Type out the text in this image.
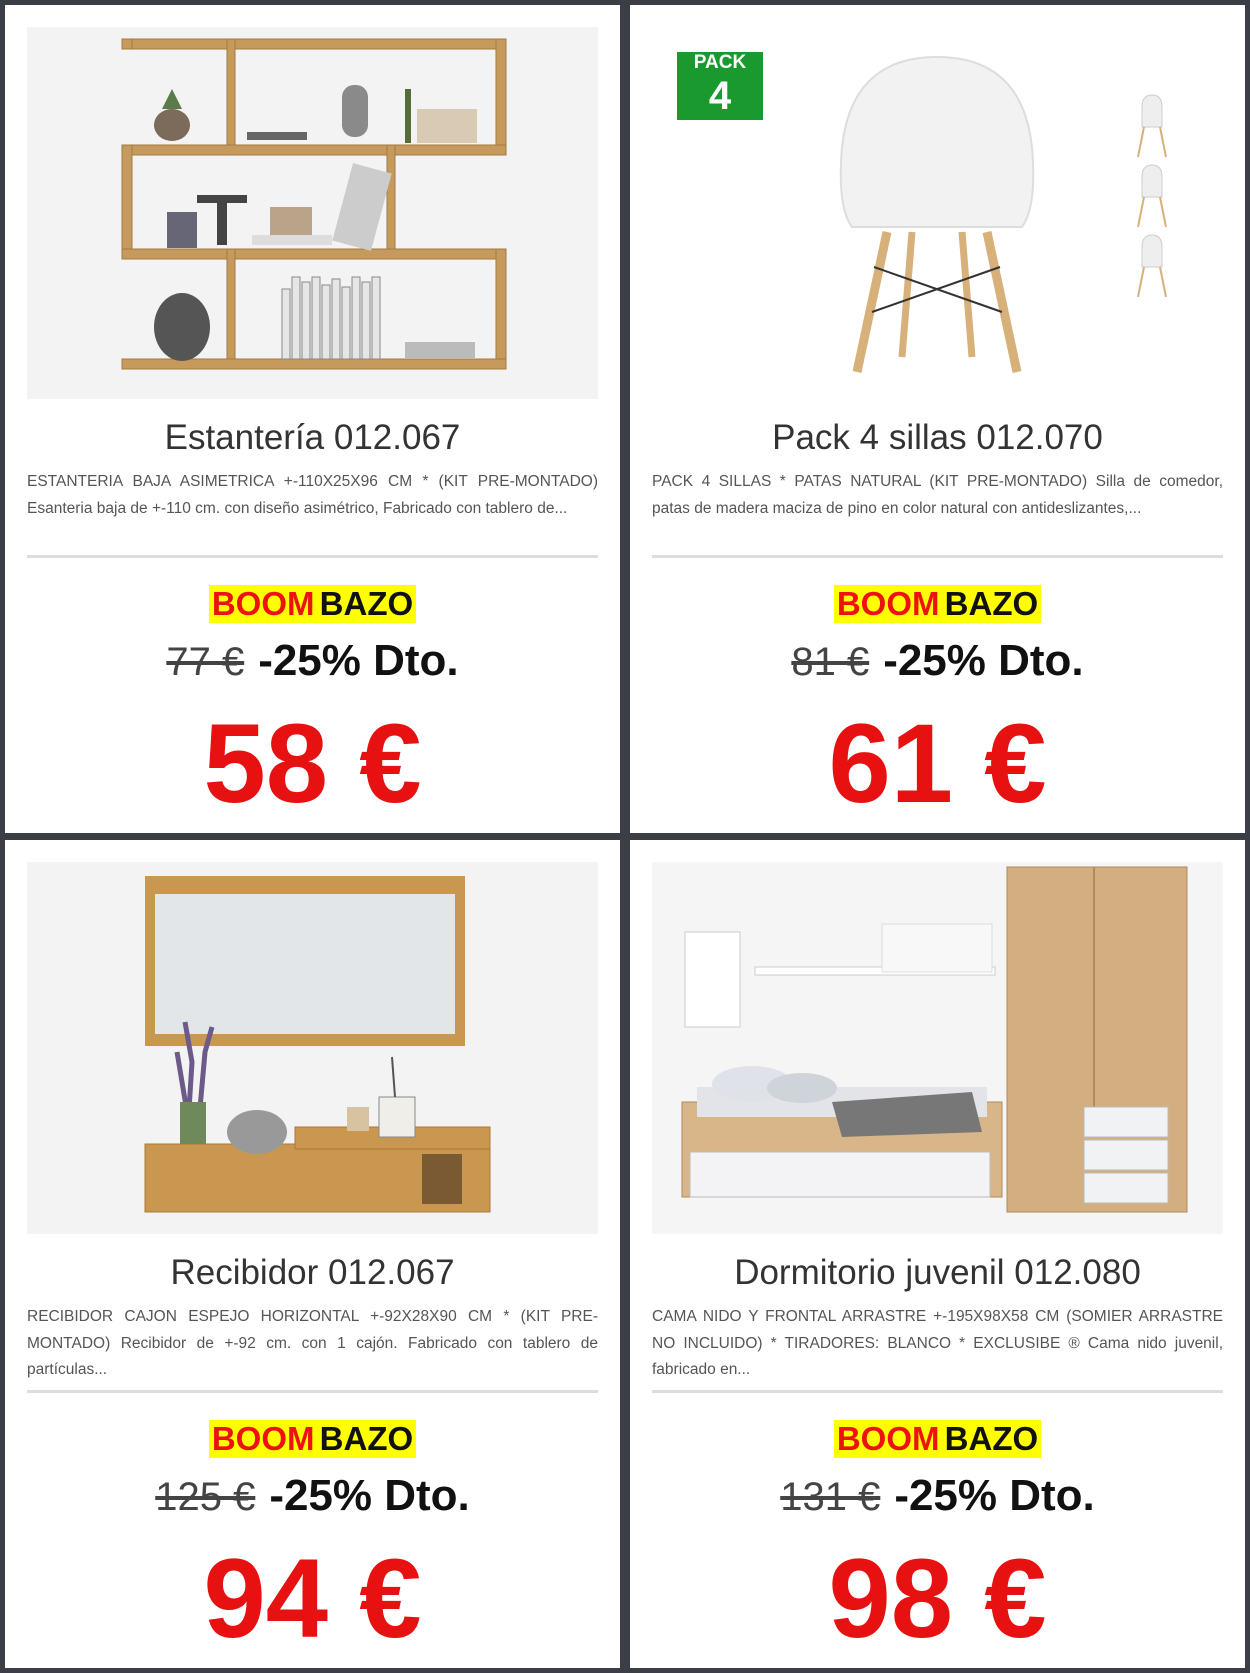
Estantería 012.067
ESTANTERIA BAJA ASIMETRICA +-110X25X96 CM * (KIT PRE-MONTADO) Esanteria baja de +-110 cm. con diseño asimétrico, Fabricado con tablero de...
BOOM BAZO
77 € -25% Dto.
58 €
PACK
4
Pack 4 sillas 012.070
PACK 4 SILLAS * PATAS NATURAL (KIT PRE-MONTADO) Silla de comedor, patas de madera maciza de pino en color natural con antideslizantes,...
BOOM BAZO
81 € -25% Dto.
61 €
Recibidor 012.067
RECIBIDOR CAJON ESPEJO HORIZONTAL +-92X28X90 CM * (KIT PRE-MONTADO) Recibidor de +-92 cm. con 1 cajón. Fabricado con tablero de partículas...
BOOM BAZO
125 € -25% Dto.
94 €
Dormitorio juvenil 012.080
CAMA NIDO Y FRONTAL ARRASTRE +-195X98X58 CM (SOMIER ARRASTRE NO INCLUIDO) * TIRADORES: BLANCO * EXCLUSIBE ® Cama nido juvenil, fabricado en...
BOOM BAZO
131 € -25% Dto.
98 €
